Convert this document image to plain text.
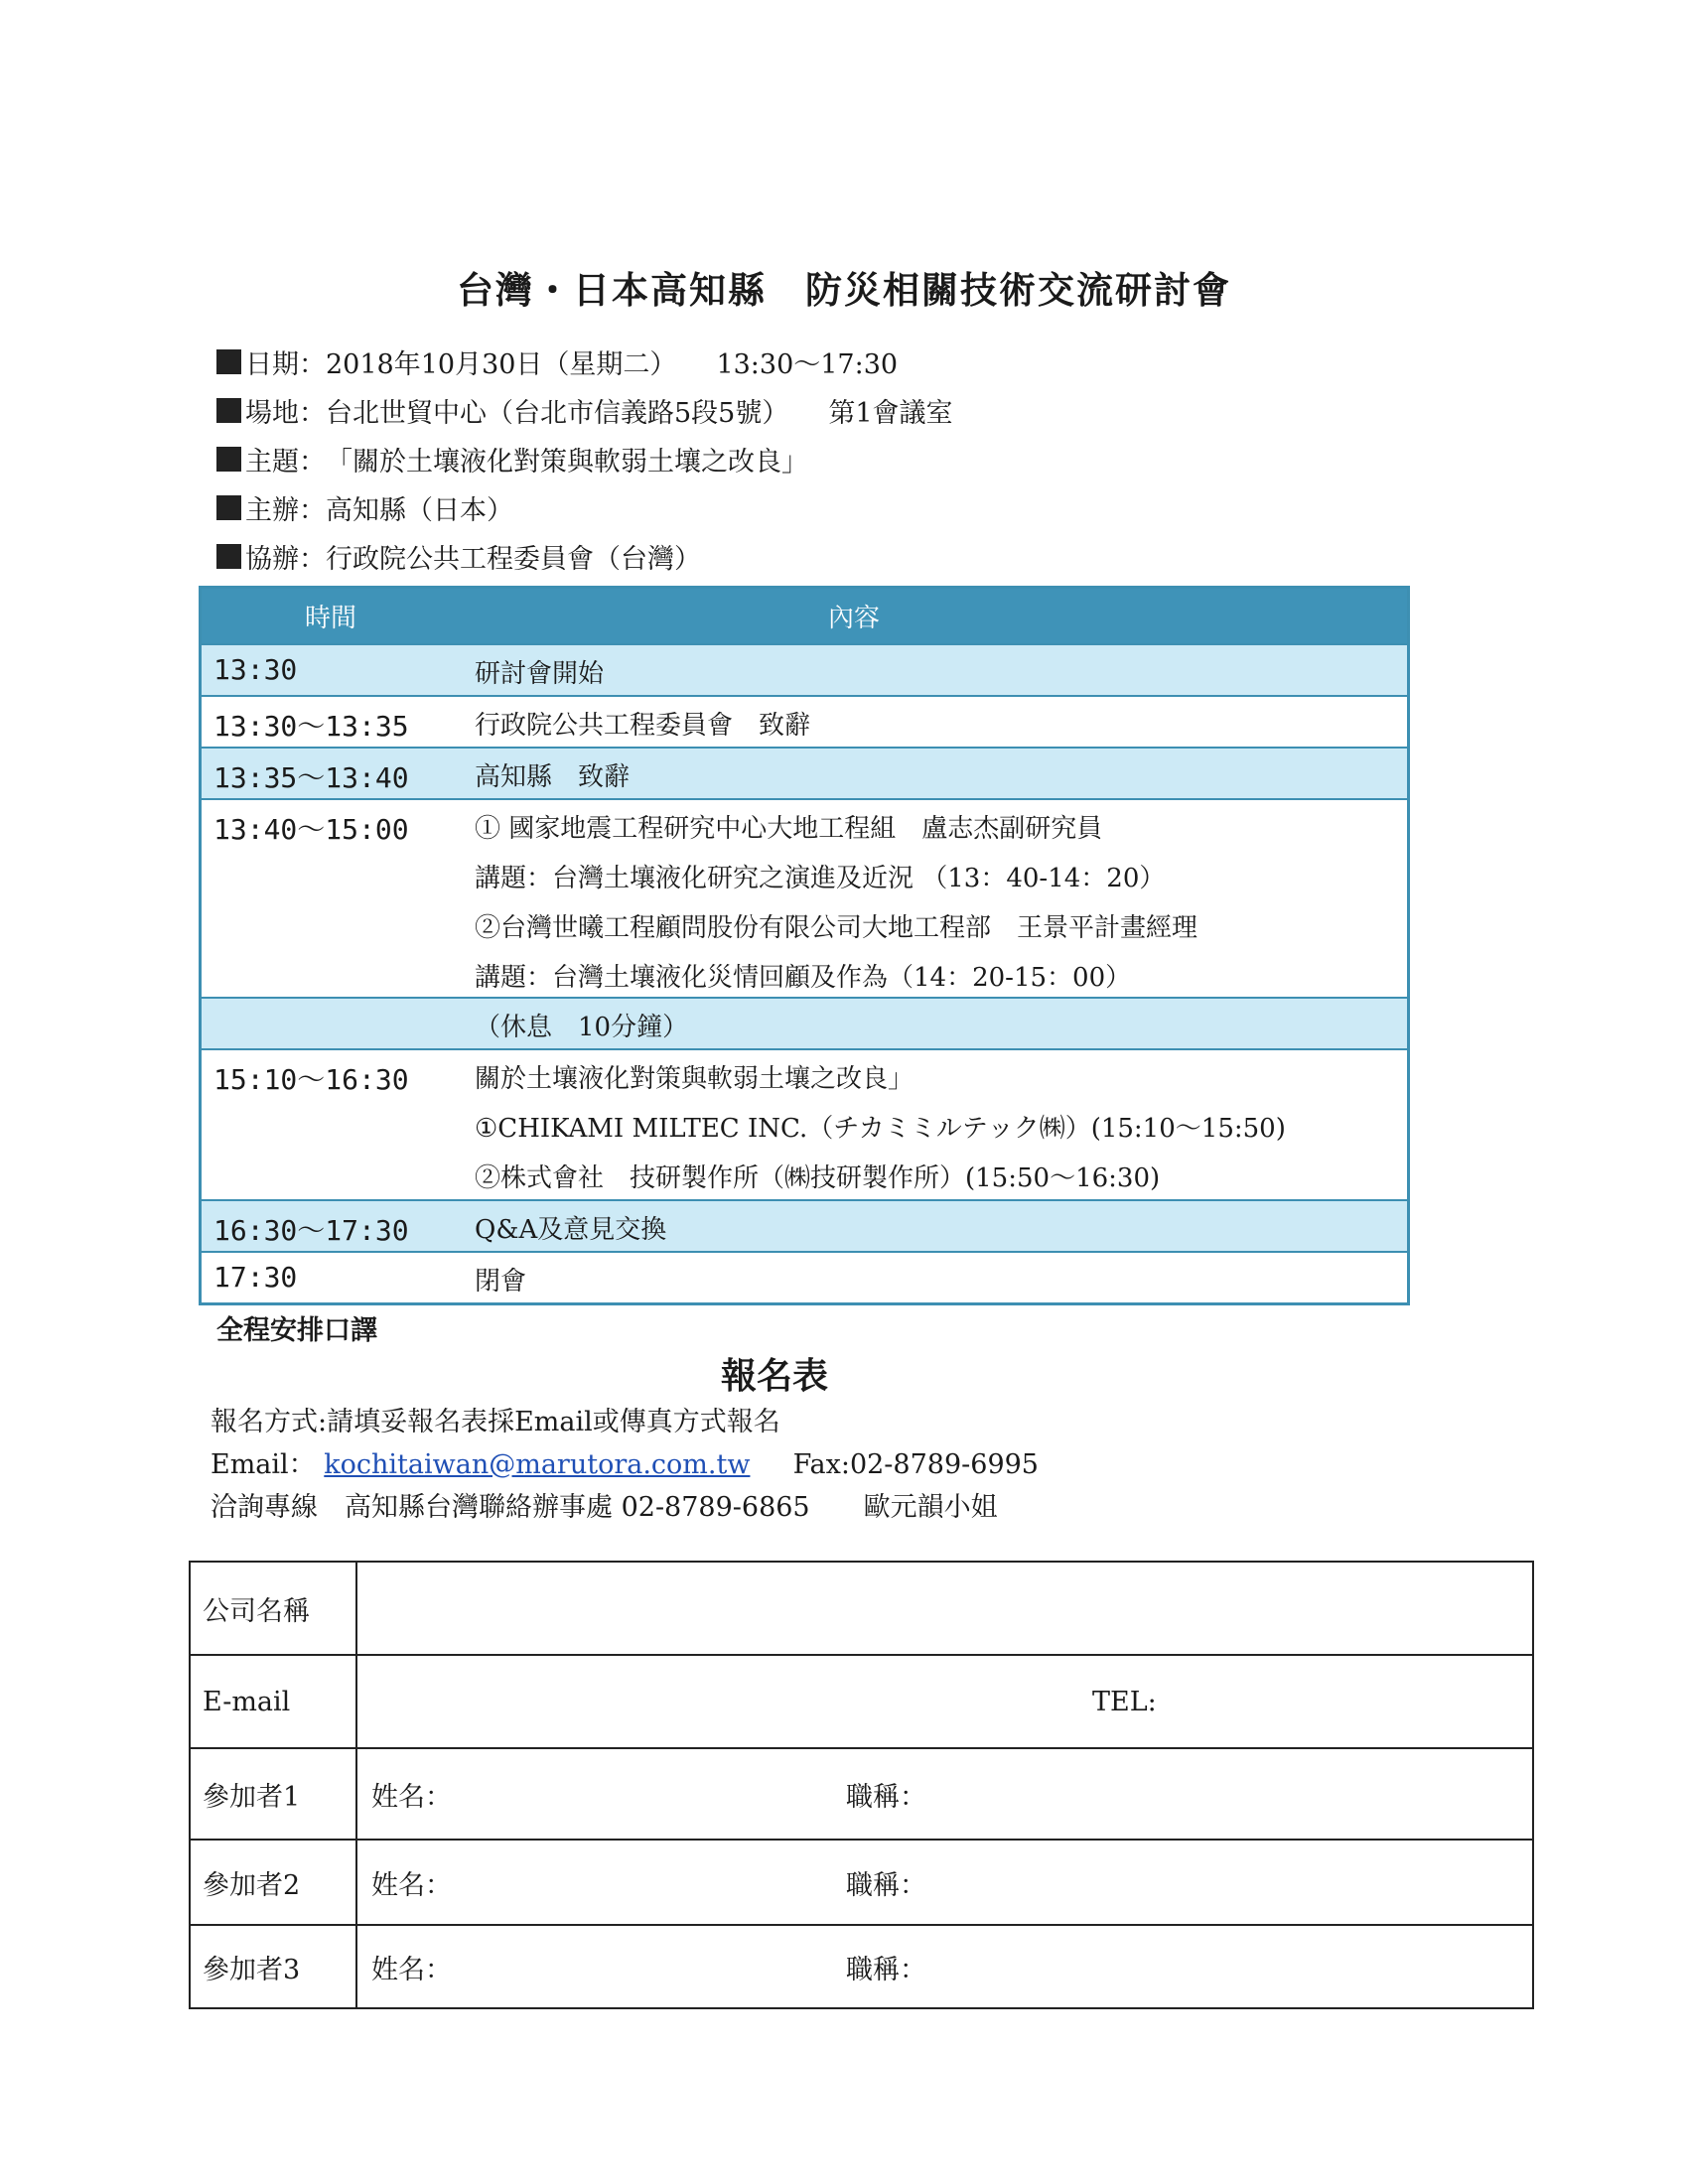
台灣・日本高知縣　防災相關技術交流研討會
日期： 2018年10月30日（星期二） 13:30～17:30
場地： 台北世貿中心（台北市信義路5段5號） 第1會議室
主題： 「關於土壤液化對策與軟弱土壤之改良」
主辦： 高知縣（日本）
協辦： 行政院公共工程委員會（台灣）
時間	內容
13:30	研討會開始
13:30～13:35	行政院公共工程委員會　致辭
13:35～13:40	高知縣　致辭
13:40～15:00	① 國家地震工程研究中心大地工程組　盧志杰副研究員
講題：台灣土壤液化研究之演進及近況 （13：40-14：20）
②台灣世曦工程顧問股份有限公司大地工程部　王景平計畫經理
講題：台灣土壤液化災情回顧及作為（14：20-15：00）
（休息　10分鐘）
15:10～16:30	關於土壤液化對策與軟弱土壤之改良」
①CHIKAMI MILTEC INC.（チカミミルテック㈱）(15:10～15:50)
②株式會社　技研製作所（㈱技研製作所）(15:50～16:30)
16:30～17:30	Q&A及意見交換
17:30	閉會
全程安排口譯
報名表
報名方式:請填妥報名表採Email或傳真方式報名
Email： kochitaiwan@marutora.com.tw Fax:02-8789-6995
洽詢專線　高知縣台灣聯絡辦事處 02-8789-6865　　歐元韻小姐
公司名稱
E-mail	TEL:
參加者1	姓名：	職稱：
參加者2	姓名：	職稱：
參加者3	姓名：	職稱：
